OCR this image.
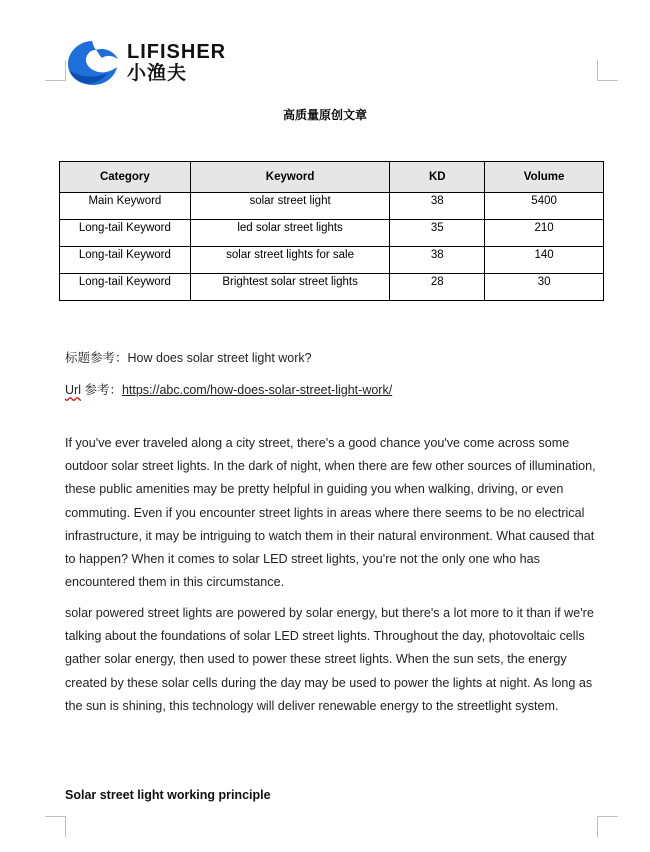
LIFISHER
小渔夫
高质量原创文章
Category	Keyword	KD	Volume
Main Keyword	solar street light	38	5400
Long-tail Keyword	led solar street lights	35	210
Long-tail Keyword	solar street lights for sale	38	140
Long-tail Keyword	Brightest solar street lights	28	30
标题参考：How does solar street light work?
Url 参考：https://abc.com/how-does-solar-street-light-work/

If you've ever traveled along a city street, there's a good chance you've come across some outdoor solar street lights. In the dark of night, when there are few other sources of illumination, these public amenities may be pretty helpful in guiding you when walking, driving, or even commuting. Even if you encounter street lights in areas where there seems to be no electrical infrastructure, it may be intriguing to watch them in their natural environment. What caused that to happen? When it comes to solar LED street lights, you're not the only one who has encountered them in this circumstance.

solar powered street lights are powered by solar energy, but there's a lot more to it than if we're talking about the foundations of solar LED street lights. Throughout the day, photovoltaic cells gather solar energy, then used to power these street lights. When the sun sets, the energy created by these solar cells during the day may be used to power the lights at night. As long as the sun is shining, this technology will deliver renewable energy to the streetlight system.

Solar street light working principle
